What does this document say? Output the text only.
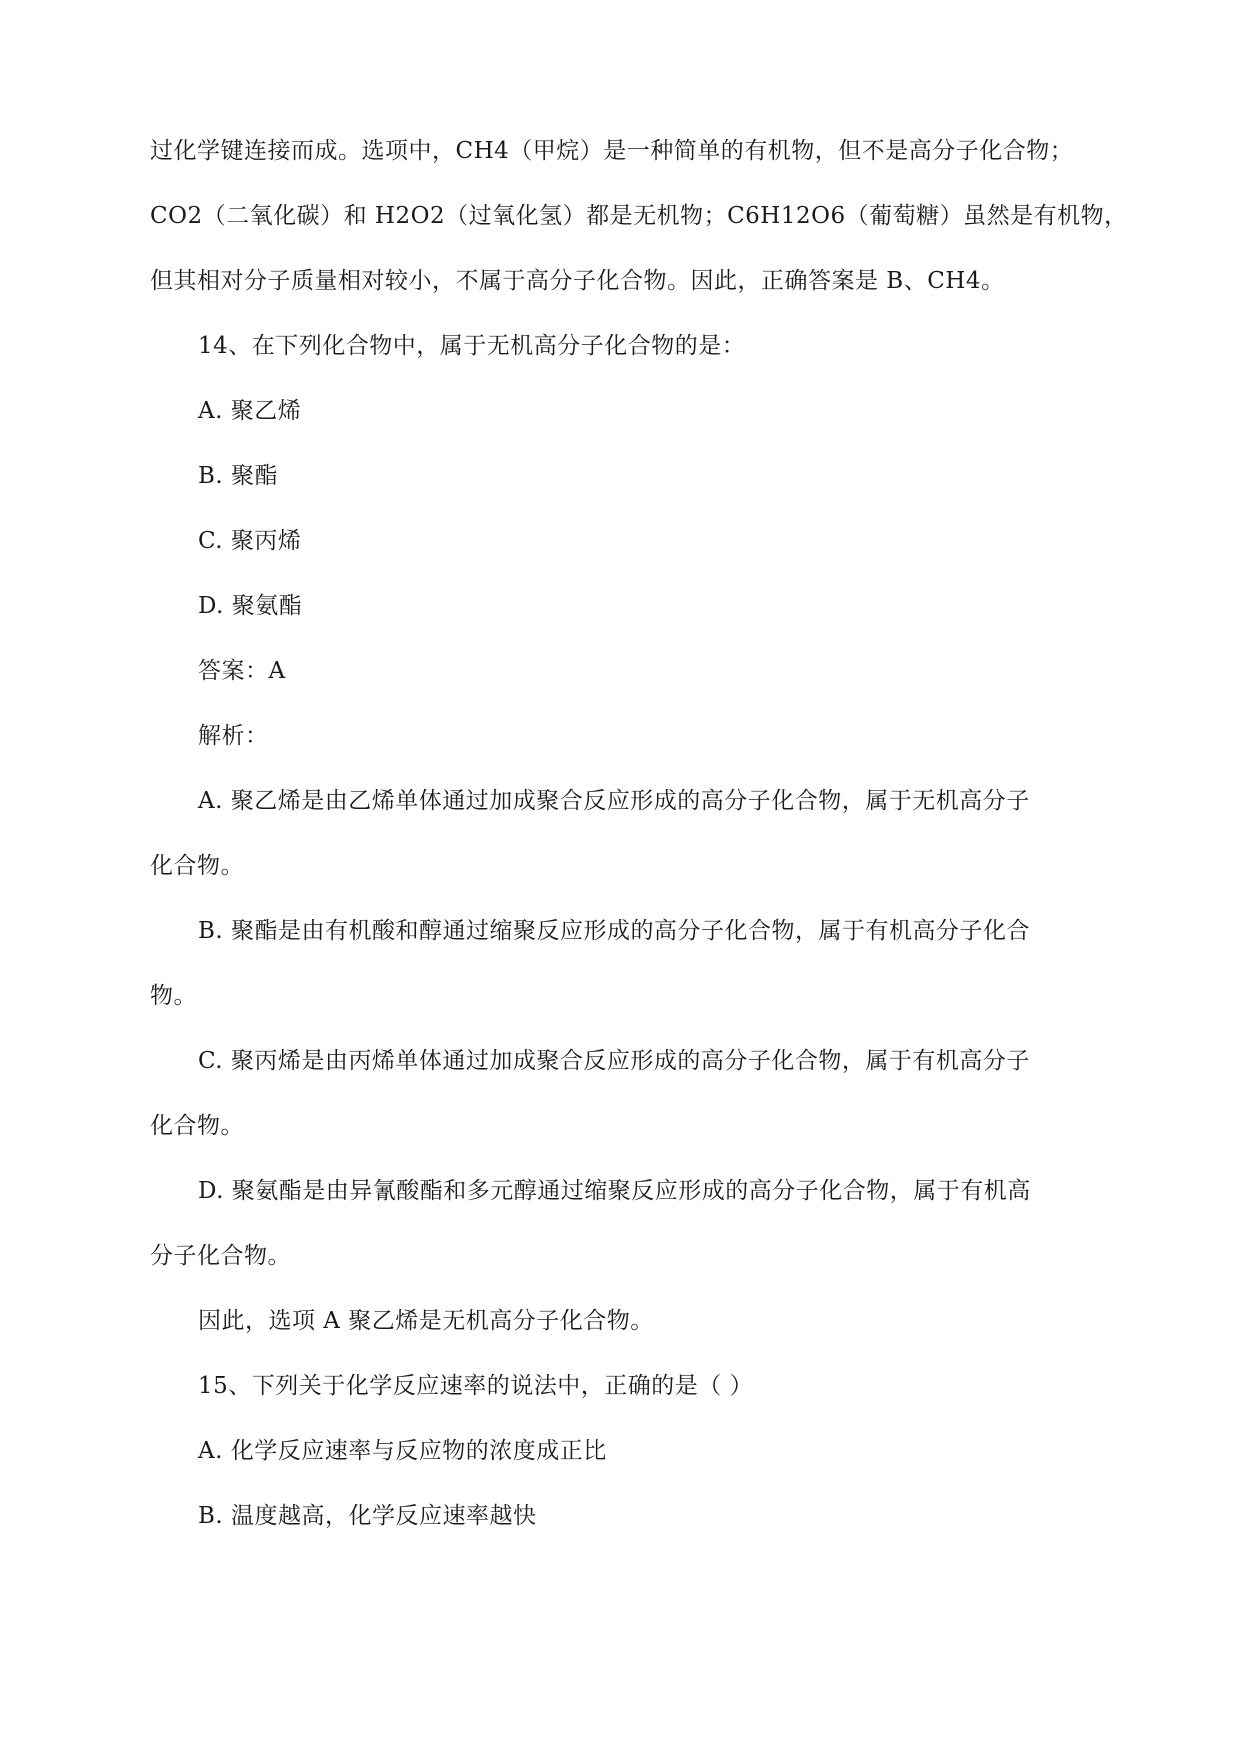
过化学键连接而成。选项中，CH4（甲烷）是一种简单的有机物，但不是高分子化合物；
CO2（二氧化碳）和 H2O2（过氧化氢）都是无机物；C6H12O6（葡萄糖）虽然是有机物，
但其相对分子质量相对较小，不属于高分子化合物。因此，正确答案是 B、CH4。
14、在下列化合物中，属于无机高分子化合物的是：
A. 聚乙烯
B. 聚酯
C. 聚丙烯
D. 聚氨酯
答案：A
解析：
A. 聚乙烯是由乙烯单体通过加成聚合反应形成的高分子化合物，属于无机高分子
化合物。
B. 聚酯是由有机酸和醇通过缩聚反应形成的高分子化合物，属于有机高分子化合
物。
C. 聚丙烯是由丙烯单体通过加成聚合反应形成的高分子化合物，属于有机高分子
化合物。
D. 聚氨酯是由异氰酸酯和多元醇通过缩聚反应形成的高分子化合物，属于有机高
分子化合物。
因此，选项 A 聚乙烯是无机高分子化合物。
15、下列关于化学反应速率的说法中，正确的是（ ）
A. 化学反应速率与反应物的浓度成正比
B. 温度越高，化学反应速率越快
